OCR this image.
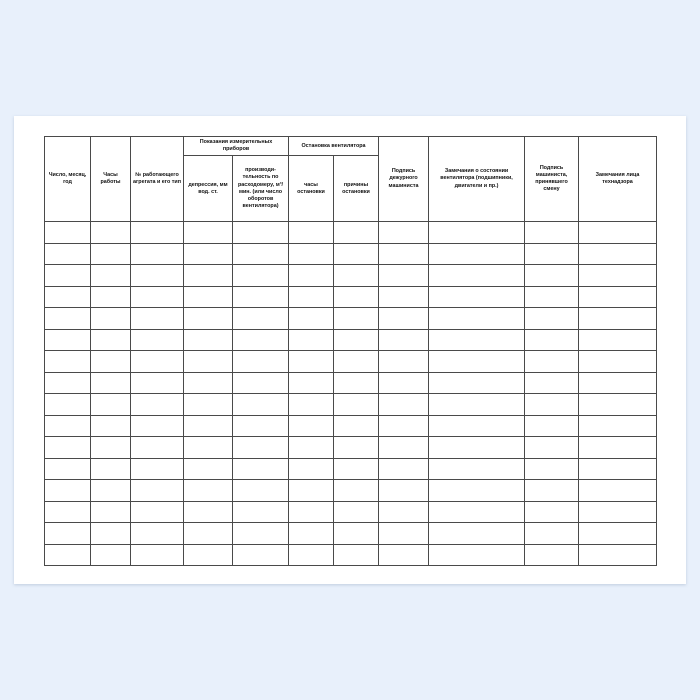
Число, месяц, год	Часы работы	№ работающего агрегата и его тип	Показания измерительных приборов		Остановка вентилятора		Подпись дежурного машиниста	Замечания о состоянии вентилятора (подшипники, двигатели и пр.)	Подпись машиниста, принявшего смену	Замечания лица технадзора
			депрессия, мм вод. ст.	производи-тельность по расходомеру, м³/мин. (или число оборотов вентилятора)	часы остановки	причины остановки				
